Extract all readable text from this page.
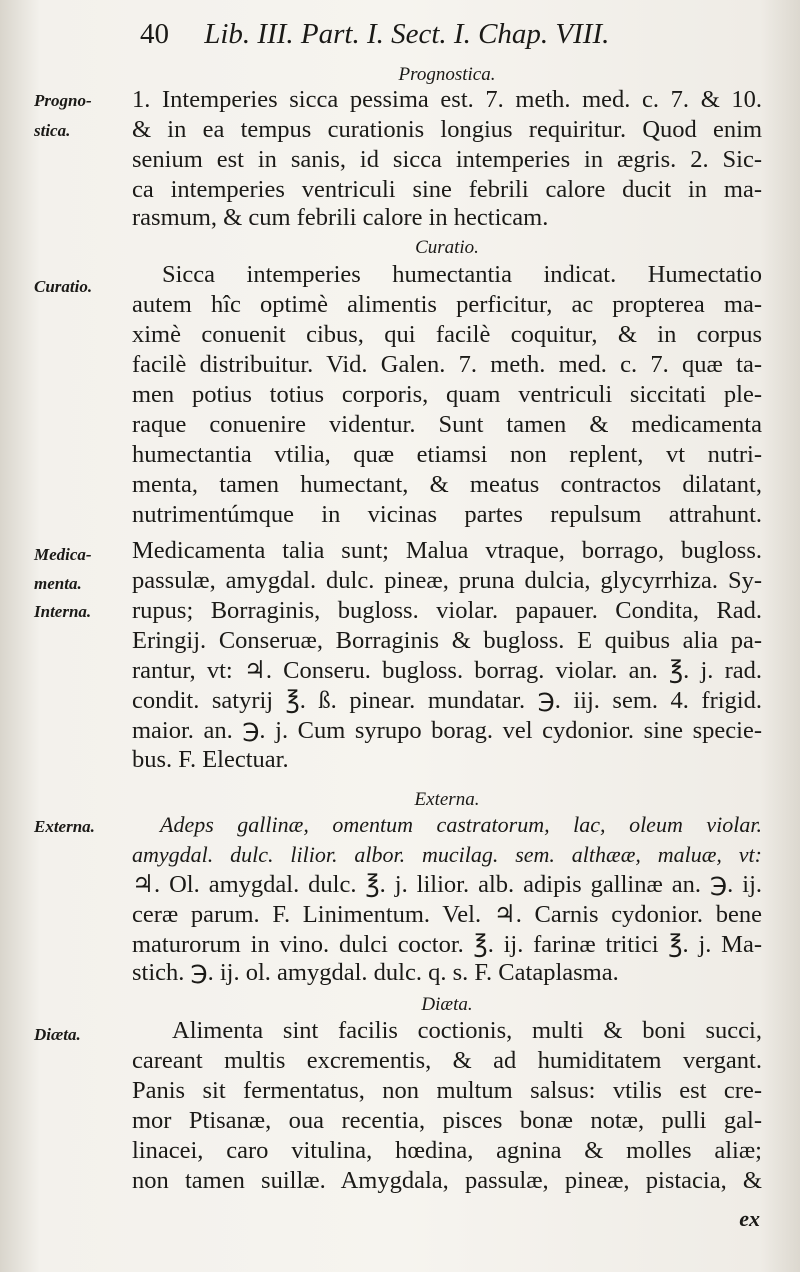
40 Lib. III. Part. I. Sect. I. Chap. VIII.
Prognostica.
Progno-
stica.
1. Intemperies sicca pessima est. 7. meth. med. c. 7. & 10.
& in ea tempus curationis longius requiritur. Quod enim
senium est in sanis, id sicca intemperies in ægris. 2. Sic-
ca intemperies ventriculi sine febrili calore ducit in ma-
rasmum, & cum febrili calore in hecticam.
Curatio.
Curatio.	Sicca intemperies humectantia indicat. Humectatio
autem hîc optimè alimentis perficitur, ac propterea ma-
ximè conuenit cibus, qui facilè coquitur, & in corpus
facilè distribuitur. Vid. Galen. 7. meth. med. c. 7. quæ ta-
men potius totius corporis, quam ventriculi siccitati ple-
raque conuenire videntur. Sunt tamen & medicamenta
humectantia vtilia, quæ etiamsi non replent, vt nutri-
menta, tamen humectant, & meatus contractos dilatant,
nutrimentúmque in vicinas partes repulsum attrahunt.
Medica-
menta.
Interna.
Medicamenta talia sunt; Malua vtraque, borrago, bugloss.
passulæ, amygdal. dulc. pineæ, pruna dulcia, glycyrrhiza. Sy-
rupus; Borraginis, bugloss. violar. papauer. Condita, Rad.
Eringij. Conseruæ, Borraginis & bugloss. E quibus alia pa-
rantur, vt: ♃. Conseru. bugloss. borrag. violar. an. ℥. j. rad.
condit. satyrij ℥. ß. pinear. mundatar. ℈. iij. sem. 4. frigid.
maior. an. ℈. j. Cum syrupo borag. vel cydonior. sine specie-
bus. F. Electuar.
Externa.
Externa.	Adeps gallinæ, omentum castratorum, lac, oleum violar.
amygdal. dulc. lilior. albor. mucilag. sem. althææ, maluæ, vt:
♃. Ol. amygdal. dulc. ℥. j. lilior. alb. adipis gallinæ an. ℈. ij.
ceræ parum. F. Linimentum. Vel. ♃. Carnis cydonior. bene
maturorum in vino. dulci coctor. ℥. ij. farinæ tritici ℥. j. Ma-
stich. ℈. ij. ol. amygdal. dulc. q. s. F. Cataplasma.
Diæta.
Diæta.	Alimenta sint facilis coctionis, multi & boni succi,
careant multis excrementis, & ad humiditatem vergant.
Panis sit fermentatus, non multum salsus: vtilis est cre-
mor Ptisanæ, oua recentia, pisces bonæ notæ, pulli gal-
linacei, caro vitulina, hœdina, agnina & molles aliæ;
non tamen suillæ. Amygdala, passulæ, pineæ, pistacia, &
ex
